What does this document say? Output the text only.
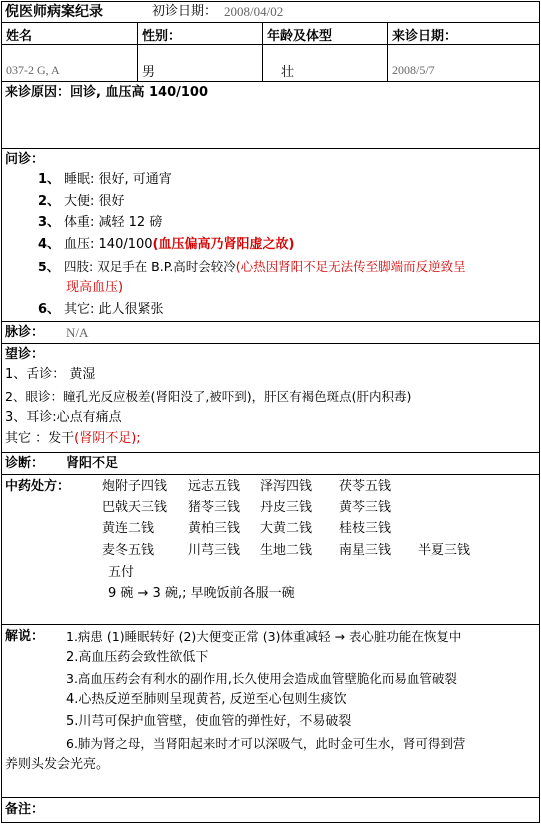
倪医师病案纪录	初诊日期： 2008/04/02
姓名	性别：	年龄及体型	来诊日期：
037-2 G, A	男	壮	2008/5/7
来诊原因：回诊, 血压高 140/100
问诊：
1、 睡眠: 很好, 可通宵
2、 大便: 很好
3、 体重: 减轻 12 磅
4、 血压: 140/100(血压偏高乃肾阳虚之故)
5、 四肢: 双足手在 B.P.高时会较冷(心热因肾阳不足无法传至脚端而反逆致呈
现高血压)
6、 其它: 此人很紧张
脉诊： N/A
望诊：
1、舌诊： 黄湿
2、眼诊：瞳孔光反应极差(肾阳没了,被吓到)，肝区有褐色斑点(肝内积毒)
3、耳诊:心点有痛点
其它 ：发干(肾阴不足);
诊断： 肾阳不足
中药处方： 炮附子四钱 远志五钱 泽泻四钱 茯苓五钱
巴戟天三钱 猪苓三钱 丹皮三钱 黄芩三钱
黄连二钱	黄柏三钱 大黄二钱 桂枝三钱
麦冬五钱	川芎三钱 生地二钱 南星三钱 半夏三钱
五付
9 碗 → 3 碗,; 早晚饭前各服一碗
解说： 1.病患 (1)睡眠转好 (2)大便变正常 (3)体重减轻 → 表心脏功能在恢复中
2.高血压药会致性欲低下
3.高血压药会有利水的副作用,长久使用会造成血管壁脆化而易血管破裂
4.心热反逆至肺则呈现黄苔, 反逆至心包则生痰饮
5.川芎可保护血管壁，使血管的弹性好，不易破裂
6.肺为肾之母，当肾阳起来时才可以深吸气，此时金可生水，肾可得到营
养则头发会光亮。
备注：
